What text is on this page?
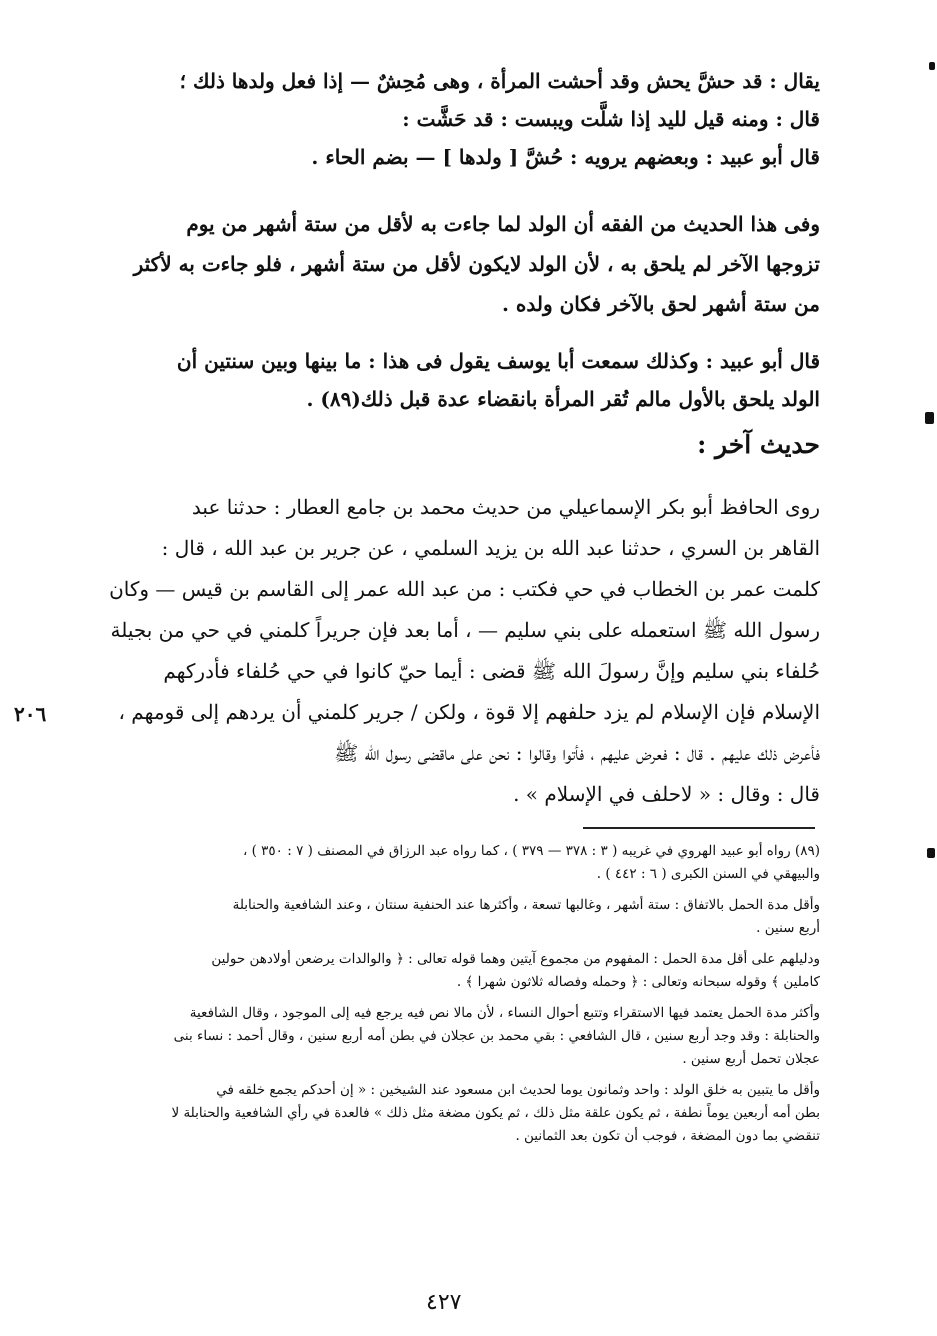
يقال : قد حشَّ يحش وقد أحشت المرأة ، وهى مُحِشٌ — إذا فعل ولدها ذلك ؛
قال : ومنه قيل لليد إذا شلَّت ويبست : قد حَشَّت :
قال أبو عبيد : وبعضهم يرويه : حُشَّ [ ولدها ] — بضم الحاء .
وفى هذا الحديث من الفقه أن الولد لما جاءت به لأقل من ستة أشهر من يوم
تزوجها الآخر لم يلحق به ، لأن الولد لايكون لأقل من ستة أشهر ، فلو جاءت به لأكثر
من ستة أشهر لحق بالآخر فكان ولده .
قال أبو عبيد : وكذلك سمعت أبا يوسف يقول فى هذا : ما بينها وبين سنتين أن
الولد يلحق بالأول مالم تُقر المرأة بانقضاء عدة قبل ذلك(٨٩) .
حديث آخر :
روى الحافظ أبو بكر الإسماعيلي من حديث محمد بن جامع العطار : حدثنا عبد
القاهر بن السري ، حدثنا عبد الله بن يزيد السلمي ، عن جرير بن عبد الله ، قال :
كلمت عمر بن الخطاب في حي فكتب : من عبد الله عمر إلى القاسم بن قيس — وكان
رسول الله ﷺ استعمله على بني سليم — ، أما بعد فإن جريراً كلمني في حي من بجيلة
حُلفاء بني سليم وإنَّ رسولَ الله ﷺ قضى : أيما حيّ كانوا في حي حُلفاء فأدركهم
الإسلام فإن الإسلام لم يزد حلفهم إلا قوة ، ولكن / جرير كلمني أن يردهم إلى قومهم ،
فأعرض ذلك عليهم . قال : فعرض عليهم ، فأتوا وقالوا : نحن على ماقضى رسول الله ﷺ
قال : وقال : « لاحلف في الإسلام » .
(٨٩) رواه أبو عبيد الهروي في غريبه ( ٣ : ٣٧٨ — ٣٧٩ ) ، كما رواه عبد الرزاق في المصنف ( ٧ : ٣٥٠ ) ،
والبيهقي في السنن الكبرى ( ٦ : ٤٤٢ ) .
وأقل مدة الحمل بالاتفاق : ستة أشهر ، وغالبها تسعة ، وأكثرها عند الحنفية سنتان ، وعند الشافعية والحنابلة
أربع سنين .
ودليلهم على أقل مدة الحمل : المفهوم من مجموع آيتين وهما قوله تعالى : ﴿ والوالدات يرضعن أولادهن حولين
كاملين ﴾ وقوله سبحانه وتعالى : ﴿ وحمله وفصاله ثلاثون شهرا ﴾ .
وأكثر مدة الحمل يعتمد فيها الاستقراء وتتبع أحوال النساء ، لأن مالا نص فيه يرجع فيه إلى الموجود ، وقال الشافعية
والحنابلة : وقد وجد أربع سنين ، قال الشافعي : بقي محمد بن عجلان في بطن أمه أربع سنين ، وقال أحمد : نساء بنى
عجلان تحمل أربع سنين .
وأقل ما يتبين به خلق الولد : واحد وثمانون يوما لحديث ابن مسعود عند الشيخين : « إن أحدكم يجمع خلقه في
بطن أمه أربعين يوماً نطفة ، ثم يكون علقة مثل ذلك ، ثم يكون مضغة مثل ذلك » فالعدة في رأي الشافعية والحنابلة لا
تنقضي بما دون المضغة ، فوجب أن تكون بعد الثمانين .
٢٠٦
٤٢٧
